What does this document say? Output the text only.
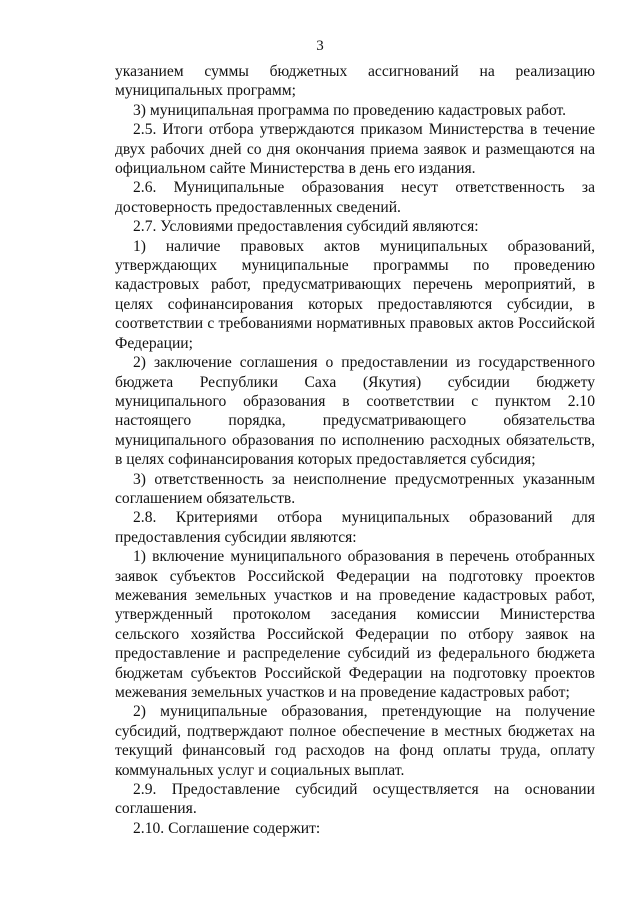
3

указанием суммы бюджетных ассигнований на реализацию муниципальных программ;

3) муниципальная программа по проведению кадастровых работ.

2.5. Итоги отбора утверждаются приказом Министерства в течение двух рабочих дней со дня окончания приема заявок и размещаются на официальном сайте Министерства в день его издания.

2.6. Муниципальные образования несут ответственность за достоверность предоставленных сведений.

2.7. Условиями предоставления субсидий являются:

1) наличие правовых актов муниципальных образований, утверждающих муниципальные программы по проведению кадастровых работ, предусматривающих перечень мероприятий, в целях софинансирования которых предоставляются субсидии, в соответствии с требованиями нормативных правовых актов Российской Федерации;

2) заключение соглашения о предоставлении из государственного бюджета Республики Саха (Якутия) субсидии бюджету муниципального образования в соответствии с пунктом 2.10 настоящего порядка, предусматривающего обязательства муниципального образования по исполнению расходных обязательств, в целях софинансирования которых предоставляется субсидия;

3) ответственность за неисполнение предусмотренных указанным соглашением обязательств.

2.8. Критериями отбора муниципальных образований для предоставления субсидии являются:

1) включение муниципального образования в перечень отобранных заявок субъектов Российской Федерации на подготовку проектов межевания земельных участков и на проведение кадастровых работ, утвержденный протоколом заседания комиссии Министерства сельского хозяйства Российской Федерации по отбору заявок на предоставление и распределение субсидий из федерального бюджета бюджетам субъектов Российской Федерации на подготовку проектов межевания земельных участков и на проведение кадастровых работ;

2) муниципальные образования, претендующие на получение субсидий, подтверждают полное обеспечение в местных бюджетах на текущий финансовый год расходов на фонд оплаты труда, оплату коммунальных услуг и социальных выплат.

2.9. Предоставление субсидий осуществляется на основании соглашения.

2.10. Соглашение содержит:
